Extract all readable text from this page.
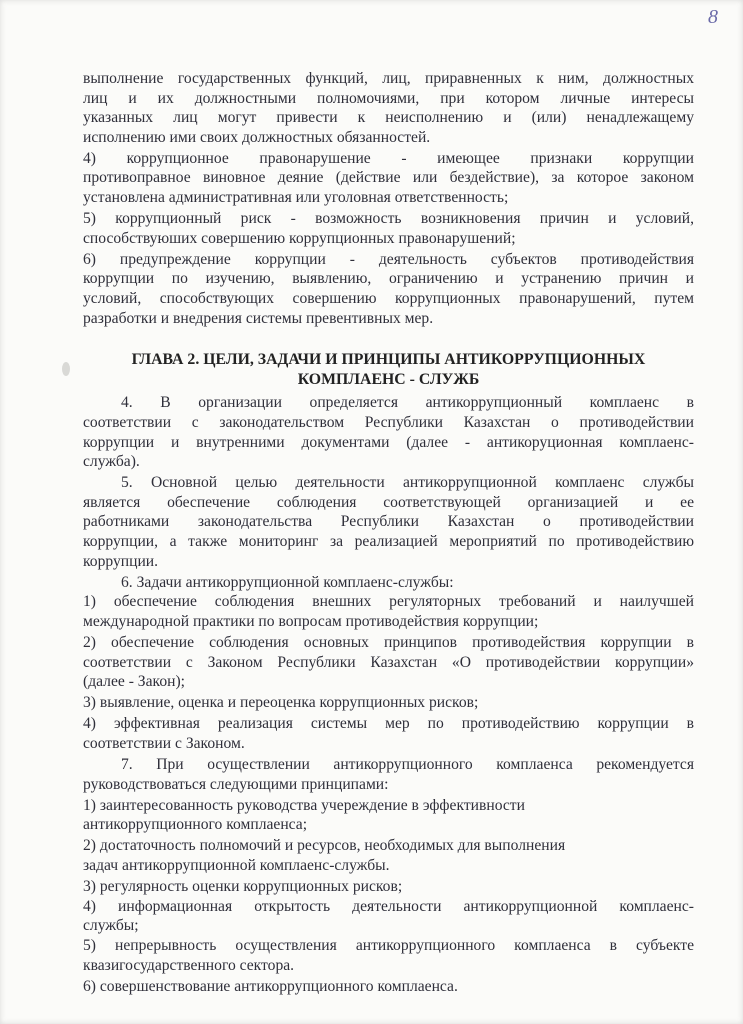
8
выполнение государственных функций, лиц, приравненных к ним, должностных
лиц и их должностными полномочиями, при котором личные интересы
указанных лиц могут привести к неисполнению и (или) ненадлежащему
исполнению ими своих должностных обязанностей.
4) коррупционное правонарушение - имеющее признаки коррупции
противоправное виновное деяние (действие или бездействие), за которое законом
установлена административная или уголовная ответственность;
5) коррупционный риск - возможность возникновения причин и условий,
способствуюших совершению коррупционных правонарушений;
6) предупреждение коррупции - деятельность субъектов противодействия
коррупции по изучению, выявлению, ограничению и устранению причин и
условий, способствующих совершению коррупционных правонарушений, путем
разработки и внедрения системы превентивных мер.
ГЛАВА 2. ЦЕЛИ, ЗАДАЧИ И ПРИНЦИПЫ АНТИКОРРУПЦИОННЫХ
КОМПЛАЕНС - СЛУЖБ
4. В организации определяется антикоррупционный комплаенс в
соответствии с законодательством Республики Казахстан о противодействии
коррупции и внутренними документами (далее - антикоруционная комплаенс-
служба).
5. Основной целью деятельности антикоррупционной комплаенс службы
является обеспечение соблюдения соответствующей организацией и ее
работниками законодательства Республики Казахстан о противодействии
коррупции, а также мониторинг за реализацией мероприятий по противодействию
коррупции.
6. Задачи антикоррупционной комплаенс-службы:
1) обеспечение соблюдения внешних регуляторных требований и наилучшей
международной практики по вопросам противодействия коррупции;
2) обеспечение соблюдения основных принципов противодействия коррупции в
соответствии с Законом Республики Казахстан «О противодействии коррупции»
(далее - Закон);
3) выявление, оценка и переоценка коррупционных рисков;
4) эффективная реализация системы мер по противодействию коррупции в
соответствии с Законом.
7. При осуществлении антикоррупционного комплаенса рекомендуется
руководствоваться следующими принципами:
1) заинтересованность руководства учереждение в эффективности
антикоррупционного комплаенса;
2) достаточность полномочий и ресурсов, необходимых для выполнения
задач антикоррупционной комплаенс-службы.
3) регулярность оценки коррупционных рисков;
4) информационная открытость деятельности антикоррупционной комплаенс-
службы;
5) непрерывность осуществления антикоррупционного комплаенса в субъекте
квазигосударственного сектора.
6) совершенствование антикоррупционного комплаенса.
